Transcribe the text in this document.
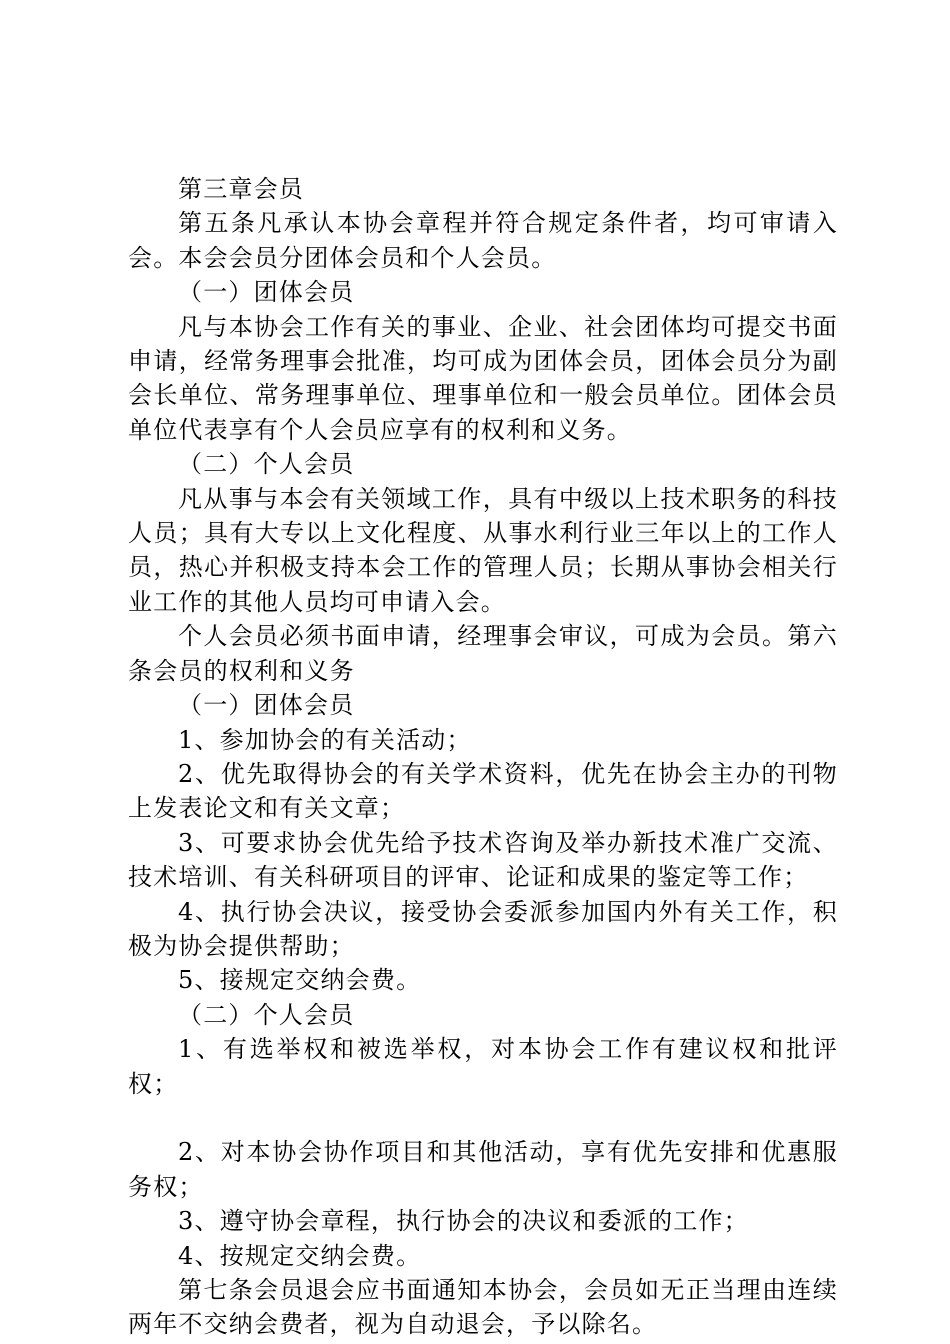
第三章会员

第五条凡承认本协会章程并符合规定条件者，均可审请入会。本会会员分团体会员和个人会员。

（一）团体会员

凡与本协会工作有关的事业、企业、社会团体均可提交书面申请，经常务理事会批准，均可成为团体会员，团体会员分为副会长单位、常务理事单位、理事单位和一般会员单位。团体会员单位代表享有个人会员应享有的权利和义务。

（二）个人会员

凡从事与本会有关领域工作，具有中级以上技术职务的科技人员；具有大专以上文化程度、从事水利行业三年以上的工作人员，热心并积极支持本会工作的管理人员；长期从事协会相关行业工作的其他人员均可申请入会。

个人会员必须书面申请，经理事会审议，可成为会员。第六条会员的权利和义务

（一）团体会员

1、参加协会的有关活动；

2、优先取得协会的有关学术资料，优先在协会主办的刊物上发表论文和有关文章；

3、可要求协会优先给予技术咨询及举办新技术准广交流、技术培训、有关科研项目的评审、论证和成果的鉴定等工作；

4、执行协会决议，接受协会委派参加国内外有关工作，积极为协会提供帮助；

5、接规定交纳会费。

（二）个人会员

1、有选举权和被选举权，对本协会工作有建议权和批评权；

2、对本协会协作项目和其他活动，享有优先安排和优惠服务权；

3、遵守协会章程，执行协会的决议和委派的工作；

4、按规定交纳会费。

第七条会员退会应书面通知本协会，会员如无正当理由连续两年不交纳会费者，视为自动退会，予以除名。
